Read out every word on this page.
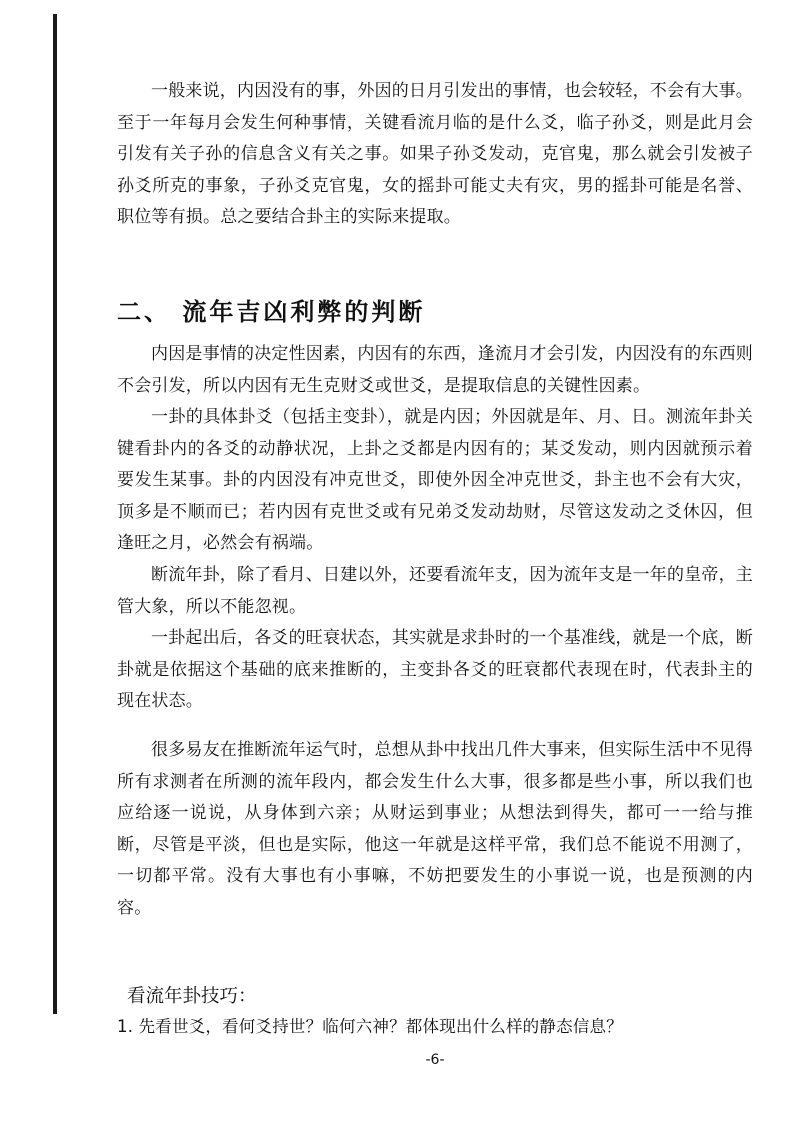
一般来说，内因没有的事，外因的日月引发出的事情，也会较轻，不会有大事。至于一年每月会发生何种事情，关键看流月临的是什么爻，临子孙爻，则是此月会引发有关子孙的信息含义有关之事。如果子孙爻发动，克官鬼，那么就会引发被子孙爻所克的事象，子孙爻克官鬼，女的摇卦可能丈夫有灾，男的摇卦可能是名誉、职位等有损。总之要结合卦主的实际来提取。

二、 流年吉凶利弊的判断

内因是事情的决定性因素，内因有的东西，逢流月才会引发，内因没有的东西则不会引发，所以内因有无生克财爻或世爻，是提取信息的关键性因素。

一卦的具体卦爻（包括主变卦），就是内因；外因就是年、月、日。测流年卦关键看卦内的各爻的动静状况，上卦之爻都是内因有的；某爻发动，则内因就预示着要发生某事。卦的内因没有冲克世爻，即使外因全冲克世爻，卦主也不会有大灾，顶多是不顺而已；若内因有克世爻或有兄弟爻发动劫财，尽管这发动之爻休囚，但逢旺之月，必然会有祸端。

断流年卦，除了看月、日建以外，还要看流年支，因为流年支是一年的皇帝，主管大象，所以不能忽视。

一卦起出后，各爻的旺衰状态，其实就是求卦时的一个基准线，就是一个底，断卦就是依据这个基础的底来推断的，主变卦各爻的旺衰都代表现在时，代表卦主的现在状态。

很多易友在推断流年运气时，总想从卦中找出几件大事来，但实际生活中不见得所有求测者在所测的流年段内，都会发生什么大事，很多都是些小事，所以我们也应给逐一说说，从身体到六亲；从财运到事业；从想法到得失，都可一一给与推断，尽管是平淡，但也是实际，他这一年就是这样平常，我们总不能说不用测了，一切都平常。没有大事也有小事嘛，不妨把要发生的小事说一说，也是预测的内容。

看流年卦技巧：

1. 先看世爻，看何爻持世？临何六神？都体现出什么样的静态信息？

-6-
